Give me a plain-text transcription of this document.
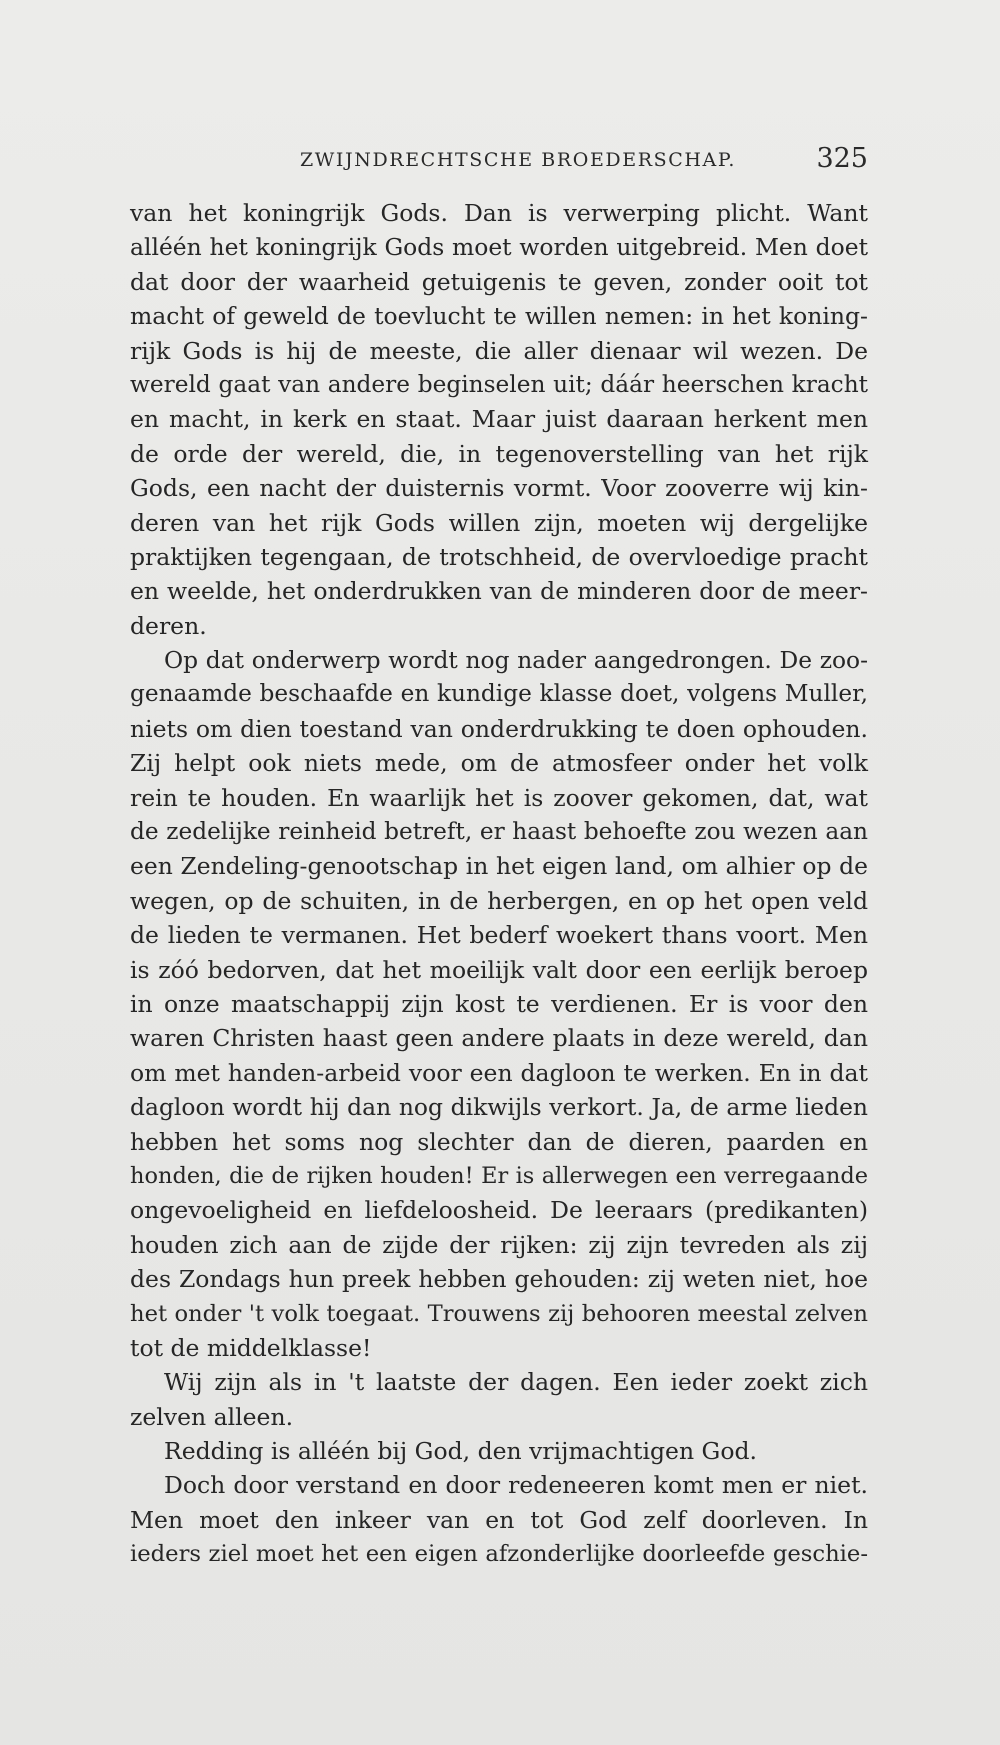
ZWIJNDRECHTSCHE BROEDERSCHAP.	325
van het koningrijk Gods. Dan is verwerping plicht. Want
alléén het koningrijk Gods moet worden uitgebreid. Men doet
dat door der waarheid getuigenis te geven, zonder ooit tot
macht of geweld de toevlucht te willen nemen: in het koning-
rijk Gods is hij de meeste, die aller dienaar wil wezen. De
wereld gaat van andere beginselen uit; dáár heerschen kracht
en macht, in kerk en staat. Maar juist daaraan herkent men
de orde der wereld, die, in tegenoverstelling van het rijk
Gods, een nacht der duisternis vormt. Voor zooverre wij kin-
deren van het rijk Gods willen zijn, moeten wij dergelijke
praktijken tegengaan, de trotschheid, de overvloedige pracht
en weelde, het onderdrukken van de minderen door de meer-
deren.
Op dat onderwerp wordt nog nader aangedrongen. De zoo-
genaamde beschaafde en kundige klasse doet, volgens Muller,
niets om dien toestand van onderdrukking te doen ophouden.
Zij helpt ook niets mede, om de atmosfeer onder het volk
rein te houden. En waarlijk het is zoover gekomen, dat, wat
de zedelijke reinheid betreft, er haast behoefte zou wezen aan
een Zendeling-genootschap in het eigen land, om alhier op de
wegen, op de schuiten, in de herbergen, en op het open veld
de lieden te vermanen. Het bederf woekert thans voort. Men
is zóó bedorven, dat het moeilijk valt door een eerlijk beroep
in onze maatschappij zijn kost te verdienen. Er is voor den
waren Christen haast geen andere plaats in deze wereld, dan
om met handen-arbeid voor een dagloon te werken. En in dat
dagloon wordt hij dan nog dikwijls verkort. Ja, de arme lieden
hebben het soms nog slechter dan de dieren, paarden en
honden, die de rijken houden! Er is allerwegen een verregaande
ongevoeligheid en liefdeloosheid. De leeraars (predikanten)
houden zich aan de zijde der rijken: zij zijn tevreden als zij
des Zondags hun preek hebben gehouden: zij weten niet, hoe
het onder 't volk toegaat. Trouwens zij behooren meestal zelven
tot de middelklasse!
Wij zijn als in 't laatste der dagen. Een ieder zoekt zich
zelven alleen.
Redding is alléén bij God, den vrijmachtigen God.
Doch door verstand en door redeneeren komt men er niet.
Men moet den inkeer van en tot God zelf doorleven. In
ieders ziel moet het een eigen afzonderlijke doorleefde geschie-
